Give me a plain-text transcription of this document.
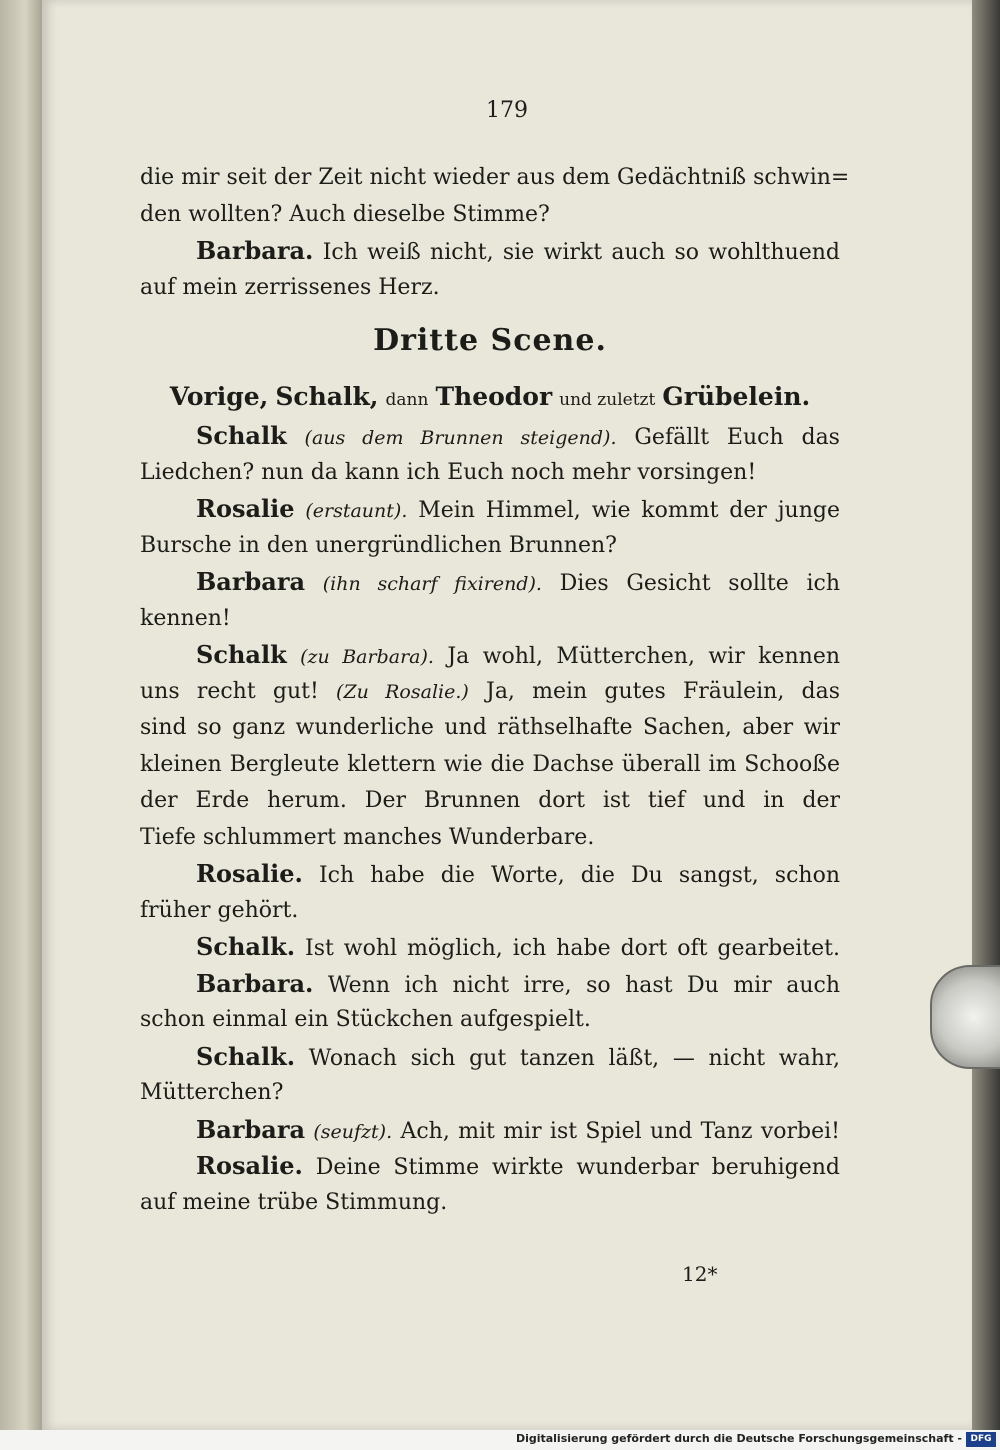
179
die mir seit der Zeit nicht wieder aus dem Gedächtniß schwin=
den wollten? Auch dieselbe Stimme?
Barbara. Ich weiß nicht, sie wirkt auch so wohlthuend
auf mein zerrissenes Herz.
Dritte Scene.
Vorige, Schalk, dann Theodor und zuletzt Grübelein.
Schalk (aus dem Brunnen steigend). Gefällt Euch das
Liedchen? nun da kann ich Euch noch mehr vorsingen!
Rosalie (erstaunt). Mein Himmel, wie kommt der junge
Bursche in den unergründlichen Brunnen?
Barbara (ihn scharf fixirend). Dies Gesicht sollte ich
kennen!
Schalk (zu Barbara). Ja wohl, Mütterchen, wir kennen
uns recht gut! (Zu Rosalie.) Ja, mein gutes Fräulein, das
sind so ganz wunderliche und räthselhafte Sachen, aber wir
kleinen Bergleute klettern wie die Dachse überall im Schooße
der Erde herum. Der Brunnen dort ist tief und in der
Tiefe schlummert manches Wunderbare.
Rosalie. Ich habe die Worte, die Du sangst, schon
früher gehört.
Schalk. Ist wohl möglich, ich habe dort oft gearbeitet.
Barbara. Wenn ich nicht irre, so hast Du mir auch
schon einmal ein Stückchen aufgespielt.
Schalk. Wonach sich gut tanzen läßt, — nicht wahr,
Mütterchen?
Barbara (seufzt). Ach, mit mir ist Spiel und Tanz vorbei!
Rosalie. Deine Stimme wirkte wunderbar beruhigend
auf meine trübe Stimmung.
12*
Digitalisierung gefördert durch die Deutsche Forschungsgemeinschaft - DFG
